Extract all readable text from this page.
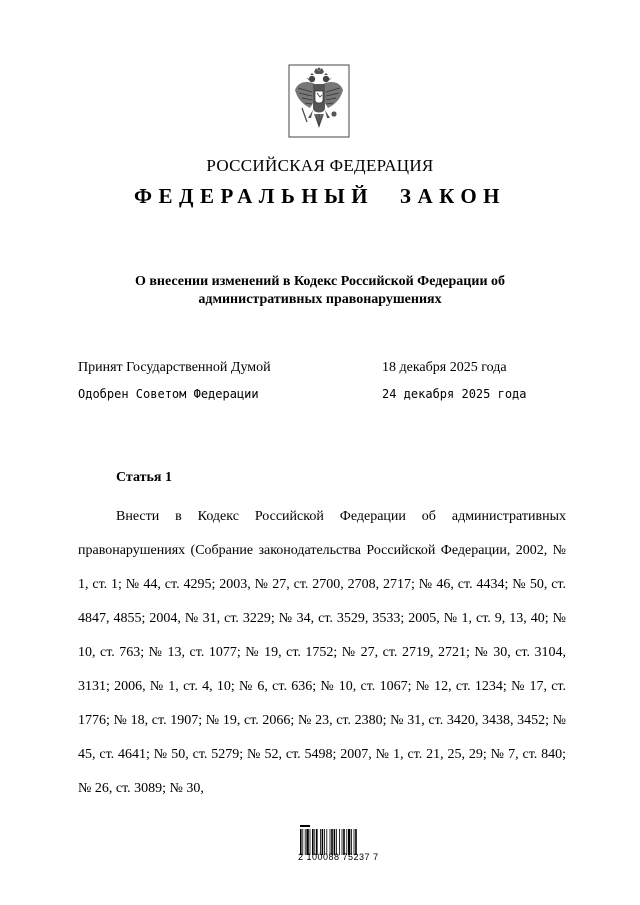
РОССИЙСКАЯ ФЕДЕРАЦИЯ
ФЕДЕРАЛЬНЫЙ ЗАКОН
О внесении изменений в Кодекс Российской Федерации об
административных правонарушениях
Принят Государственной Думой	18 декабря 2025 года
Одобрен Советом Федерации	24 декабря 2025 года
Статья 1

Внести в Кодекс Российской Федерации об административных правонарушениях (Собрание законодательства Российской Федерации, 2002, № 1, ст. 1; № 44, ст. 4295; 2003, № 27, ст. 2700, 2708, 2717; № 46, ст. 4434; № 50, ст. 4847, 4855; 2004, № 31, ст. 3229; № 34, ст. 3529, 3533; 2005, № 1, ст. 9, 13, 40; № 10, ст. 763; № 13, ст. 1077; № 19, ст. 1752; № 27, ст. 2719, 2721; № 30, ст. 3104, 3131; 2006, № 1, ст. 4, 10; № 6, ст. 636; № 10, ст. 1067; № 12, ст. 1234; № 17, ст. 1776; № 18, ст. 1907; № 19, ст. 2066; № 23, ст. 2380; № 31, ст. 3420, 3438, 3452; № 45, ст. 4641; № 50, ст. 5279; № 52, ст. 5498; 2007, № 1, ст. 21, 25, 29; № 7, ст. 840; № 26, ст. 3089; № 30,

2 100088 75237 7
